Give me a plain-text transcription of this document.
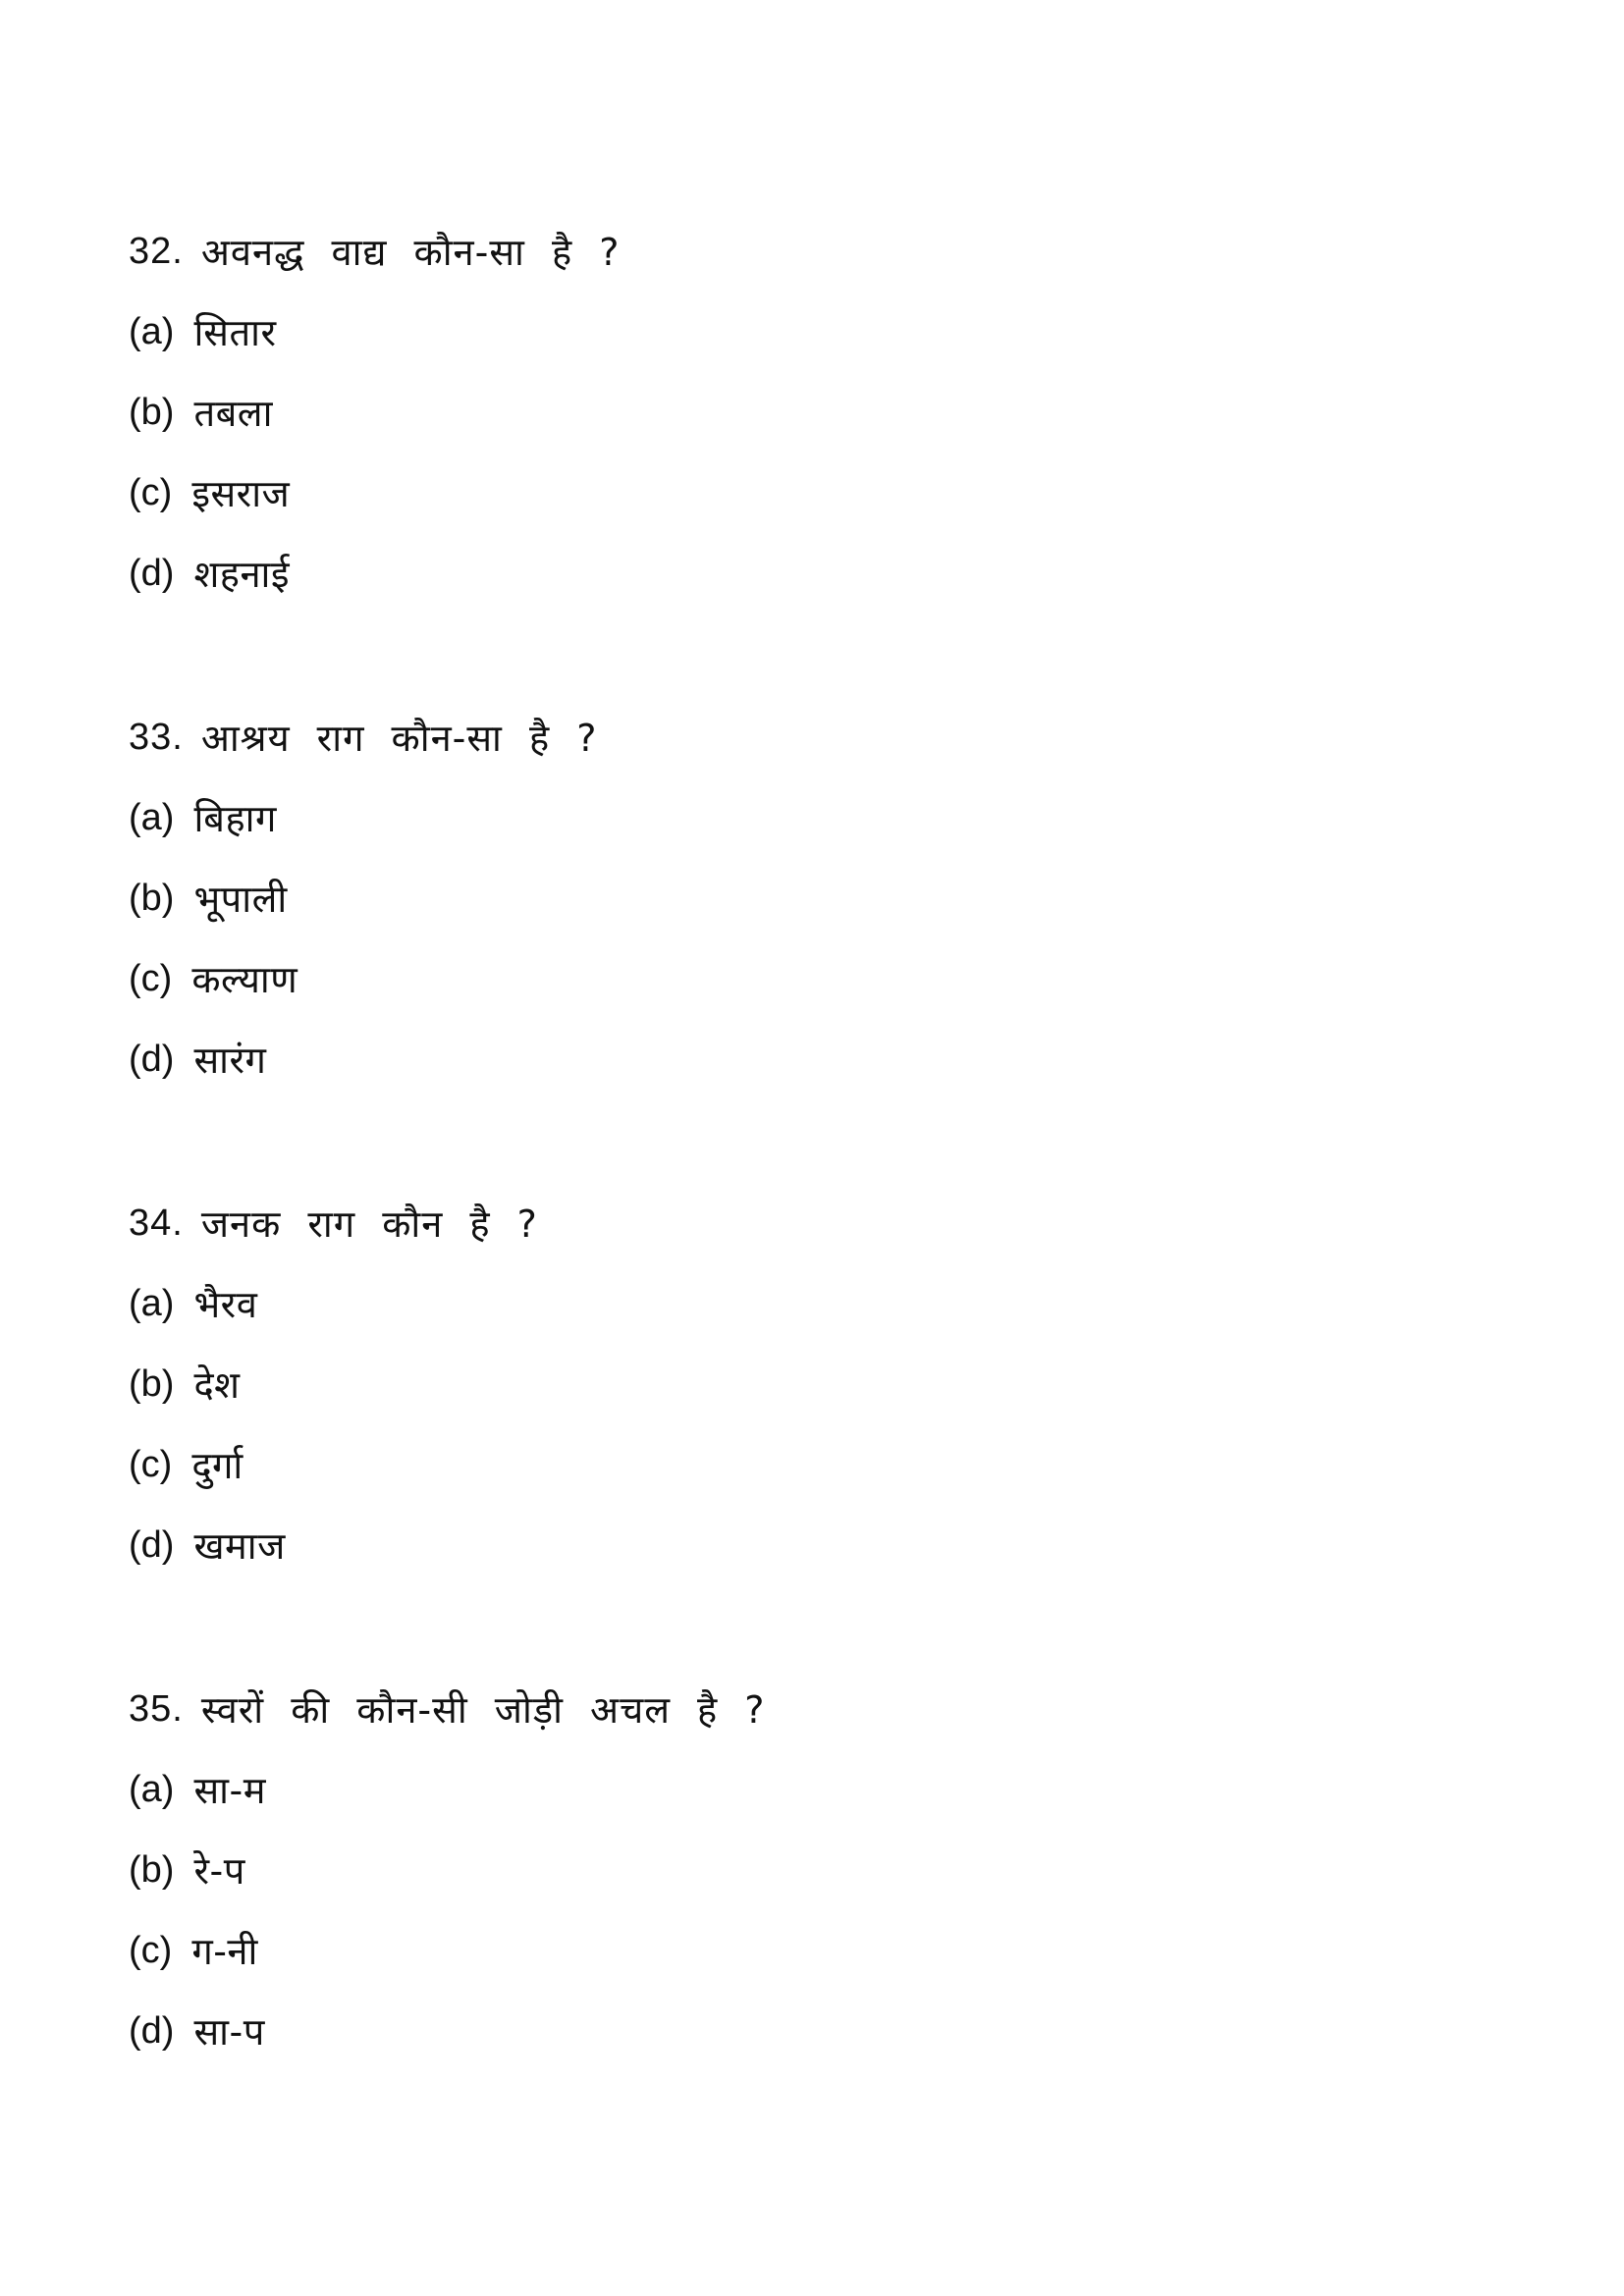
32. अवनद्ध वाद्य कौन-सा है ?
(a) सितार
(b) तबला
(c) इसराज
(d) शहनाई
33. आश्रय राग कौन-सा है ?
(a) बिहाग
(b) भूपाली
(c) कल्याण
(d) सारंग
34. जनक राग कौन है ?
(a) भैरव
(b) देश
(c) दुर्गा
(d) खमाज
35. स्वरों की कौन-सी जोड़ी अचल है ?
(a) सा-म
(b) रे-प
(c) ग-नी
(d) सा-प
